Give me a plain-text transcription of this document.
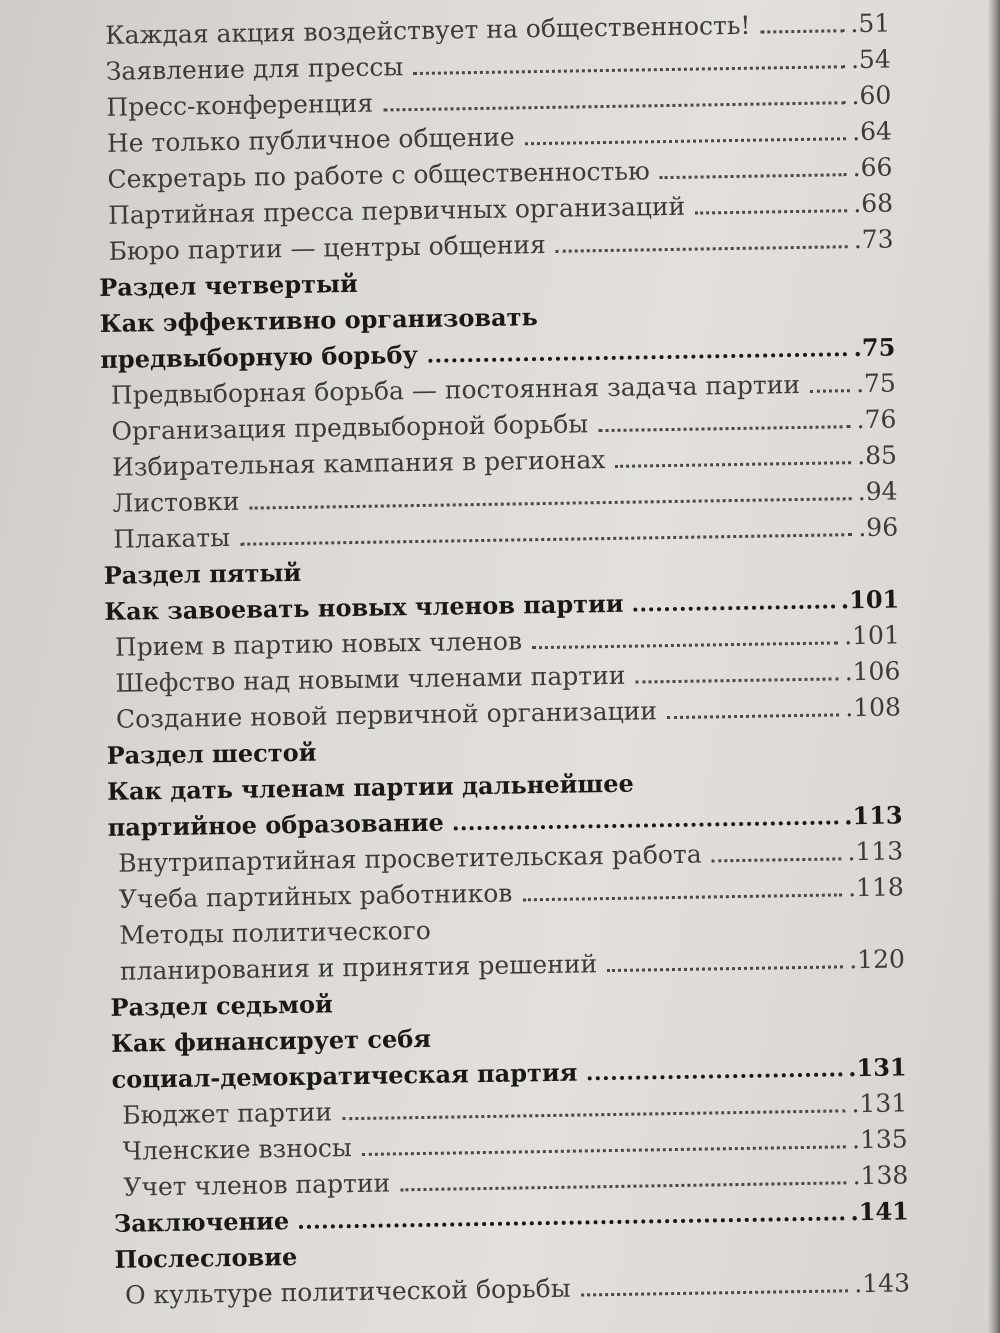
Каждая акция воздействует на общественность!	.51
Заявление для прессы	.54
Пресс-конференция	.60
Не только публичное общение	.64
Секретарь по работе с общественностью	.66
Партийная пресса первичных организаций	.68
Бюро партии — центры общения	.73
Раздел четвертый
Как эффективно организовать
предвыборную борьбу	.75
Предвыборная борьба — постоянная задача партии .75
Организация предвыборной борьбы	.76
Избирательная кампания в регионах	.85
Листовки	.94
Плакаты	.96
Раздел пятый
Как завоевать новых членов партии	.101
Прием в партию новых членов	.101
Шефство над новыми членами партии	.106
Создание новой первичной организации	.108
Раздел шестой
Как дать членам партии дальнейшее
партийное образование	.113
Внутрипартийная просветительская работа	.113
Учеба партийных работников	.118
Методы политического
планирования и принятия решений	.120
Раздел седьмой
Как финансирует себя
социал-демократическая партия	.131
Бюджет партии	.131
Членские взносы	.135
Учет членов партии	.138
Заключение	.141
Послесловие
О культуре политической борьбы	.143
